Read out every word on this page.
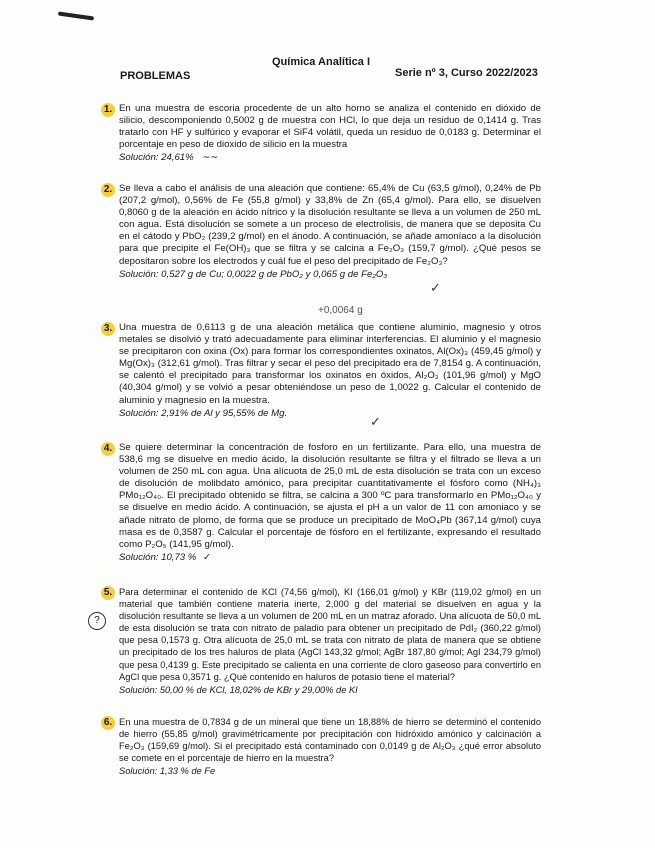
Química Analítica I
PROBLEMAS	Serie nº 3, Curso 2022/2023
1. En una muestra de escoria procedente de un alto horno se analiza el contenido en dióxido de silicio, descomponiendo 0,5002 g de muestra con HCl, lo que deja un residuo de 0,1414 g. Tras tratarlo con HF y sulfúrico y evaporar el SiF4 volátil, queda un residuo de 0,0183 g. Determinar el porcentaje en peso de dioxido de silicio en la muestra
Solución: 24,61% ∼∼
2. Se lleva a cabo el análisis de una aleación que contiene: 65,4% de Cu (63,5 g/mol), 0,24% de Pb (207,2 g/mol), 0,56% de Fe (55,8 g/mol) y 33,8% de Zn (65,4 g/mol). Para ello, se disuelven 0,8060 g de la aleación en ácido nítrico y la disolución resultante se lleva a un volumen de 250 mL con agua. Está disolución se somete a un proceso de electrolisis, de manera que se deposita Cu en el cátodo y PbO₂ (239,2 g/mol) en el ánodo. A continuación, se añade amoníaco a la disolución para que precipite el Fe(OH)₃ que se filtra y se calcina a Fe₂O₃ (159,7 g/mol). ¿Qué pesos se depositaron sobre los electrodos y cuál fue el peso del precipitado de Fe₂O₃?
Solución: 0,527 g de Cu; 0,0022 g de PbO₂ y 0,065 g de Fe₂O₃
+0,0064 g
✓
3. Una muestra de 0,6113 g de una aleación metálica que contiene aluminio, magnesio y otros metales se disolvió y trató adecuadamente para eliminar interferencias. El aluminio y el magnesio se precipitaron con oxina (Ox) para formar los correspondientes oxinatos, Al(Ox)₃ (459,45 g/mol) y Mg(Ox)₃ (312,61 g/mol). Tras filtrar y secar el peso del precipitado era de 7,8154 g. A continuación, se calentó el precipitado para transformar los oxinatos en óxidos, Al₂O₃ (101,96 g/mol) y MgO (40,304 g/mol) y se volvió a pesar obteniéndose un peso de 1,0022 g. Calcular el contenido de aluminio y magnesio en la muestra.
Solución: 2,91% de Al y 95,55% de Mg.
✓
4. Se quiere determinar la concentración de fosforo en un fertilizante. Para ello, una muestra de 538,6 mg se disuelve en medio ácido, la disolución resultante se filtra y el filtrado se lleva a un volumen de 250 mL con agua. Una alícuota de 25,0 mL de esta disolución se trata con un exceso de disolución de molibdato amónico, para precipitar cuantitativamente el fósforo como (NH₄)₃ PMo₁₂O₄₀. El precipitado obtenido se filtra, se calcina a 300 ºC para transformarlo en PMo₁₂O₄₀ y se disuelve en medio ácido. A continuación, se ajusta el pH a un valor de 11 con amoniaco y se añade nitrato de plomo, de forma que se produce un precipitado de MoO₄Pb (367,14 g/mol) cuya masa es de 0,3587 g. Calcular el porcentaje de fósforo en el fertilizante, expresando el resultado como P₂O₅ (141,95 g/mol).
Solución: 10,73 % ✓
5. Para determinar el contenido de KCl (74,56 g/mol), KI (166,01 g/mol) y KBr (119,02 g/mol) en un material que también contiene materia inerte, 2,000 g del material se disuelven en agua y la disolución resultante se lleva a un volumen de 200 mL en un matraz aforado. Una alícuota de 50,0 mL de esta disolución se trata con nitrato de paladio para obtener un precipitado de PdI₂ (360,22 g/mol) que pesa 0,1573 g. Otra alícuota de 25,0 mL se trata con nitrato de plata de manera que se obtiene un precipitado de los tres haluros de plata (AgCl 143,32 g/mol; AgBr 187,80 g/mol; AgI 234,79 g/mol) que pesa 0,4139 g. Este precipitado se calienta en una corriente de cloro gaseoso para convertirlo en AgCl que pesa 0,3571 g. ¿Qué contenido en haluros de potasio tiene el material?
Solución: 50,00 % de KCl, 18,02% de KBr y 29,00% de KI
?
6. En una muestra de 0,7834 g de un mineral que tiene un 18,88% de hierro se determinó el contenido de hierro (55,85 g/mol) gravimétricamente por precipitación con hidróxido amónico y calcinación a Fe₂O₃ (159,69 g/mol). Si el precipitado está contaminado con 0,0149 g de Al₂O₃ ¿qué error absoluto se comete en el porcentaje de hierro en la muestra?
Solución: 1,33 % de Fe
